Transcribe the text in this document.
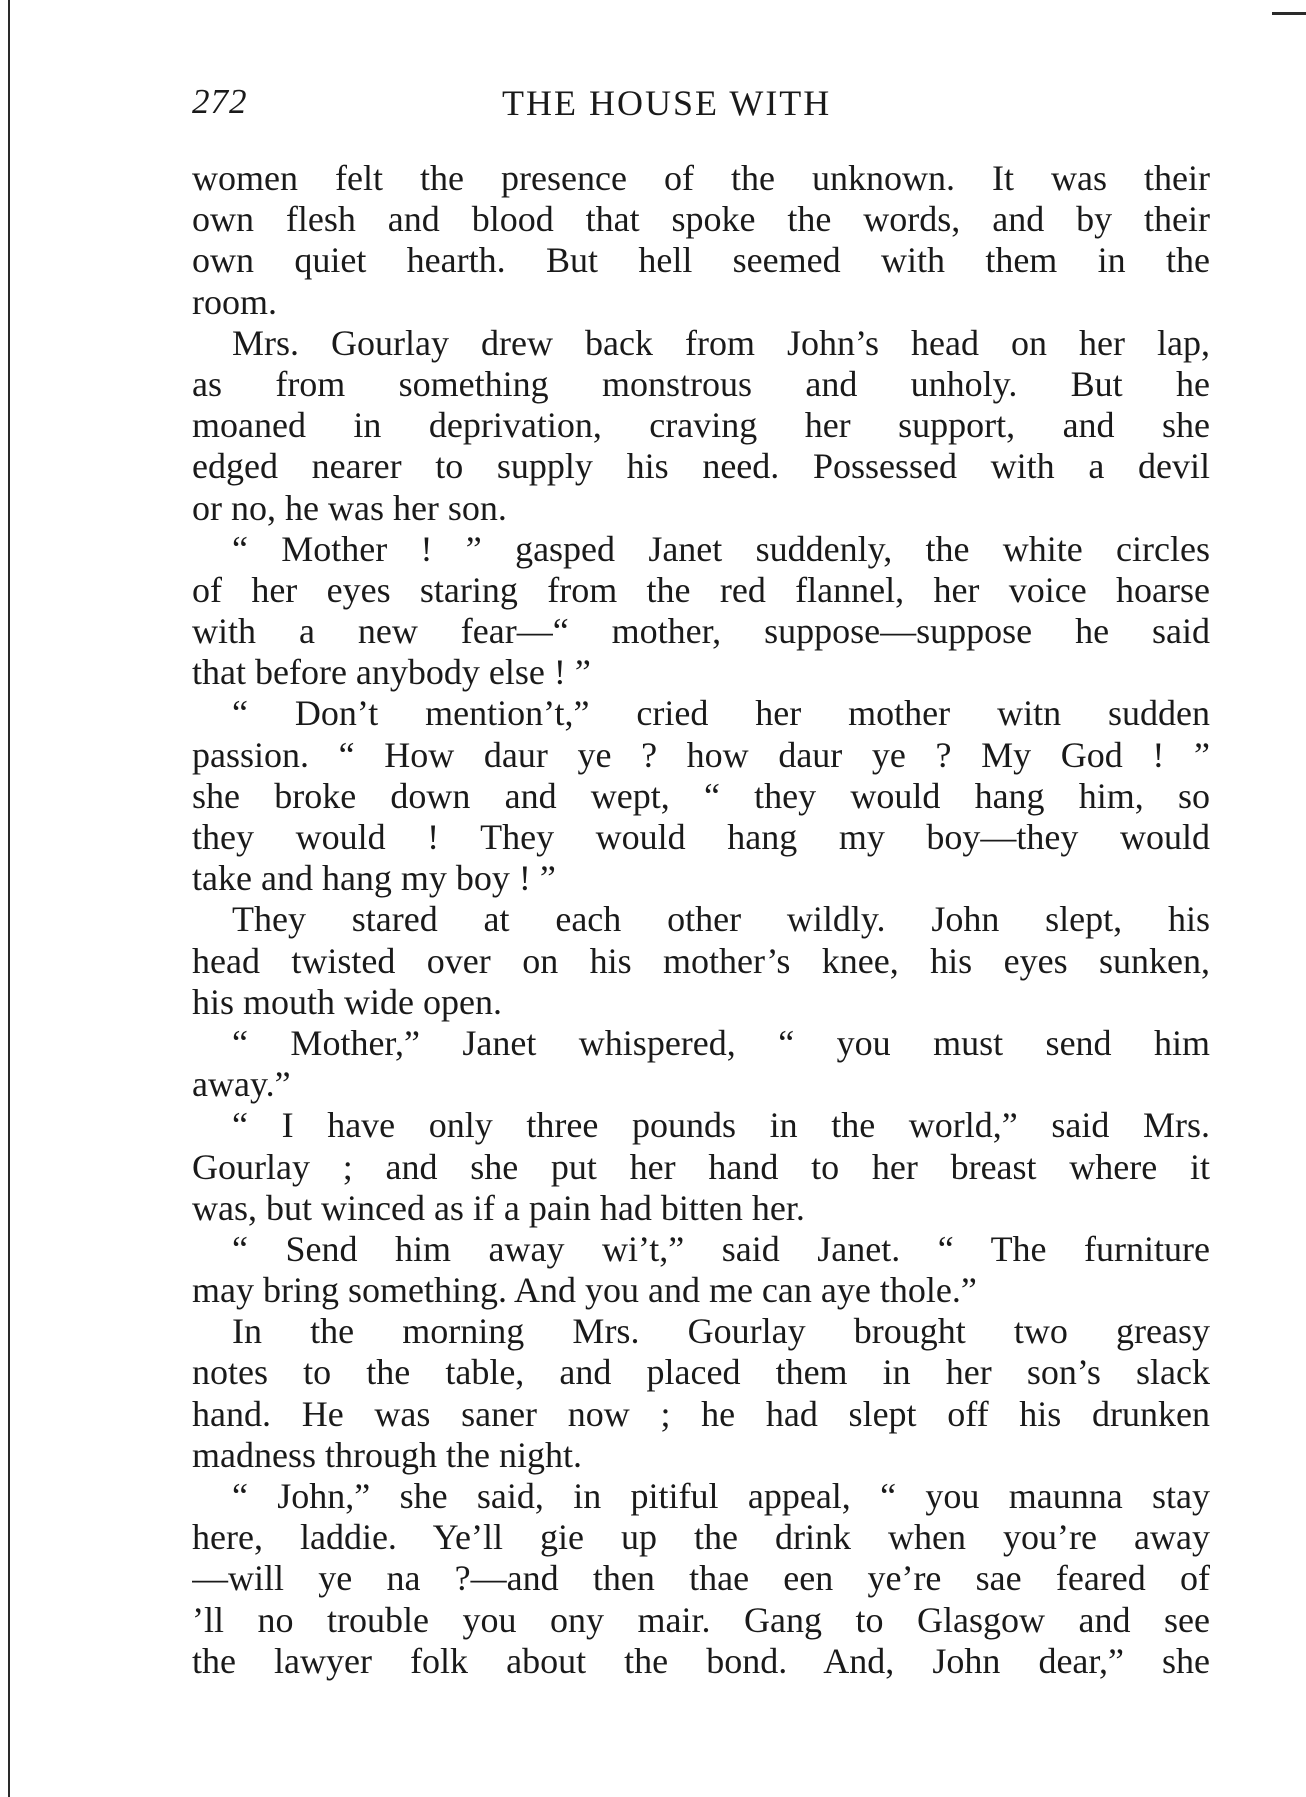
272	THE HOUSE WITH
women felt the presence of the unknown. It was their
own flesh and blood that spoke the words, and by their
own quiet hearth. But hell seemed with them in the
room.
Mrs. Gourlay drew back from John’s head on her lap,
as from something monstrous and unholy. But he
moaned in deprivation, craving her support, and she
edged nearer to supply his need. Possessed with a devil
or no, he was her son.
“ Mother ! ” gasped Janet suddenly, the white circles
of her eyes staring from the red flannel, her voice hoarse
with a new fear—“ mother, suppose—suppose he said
that before anybody else ! ”
“ Don’t mention’t,” cried her mother witn sudden
passion. “ How daur ye ? how daur ye ? My God ! ”
she broke down and wept, “ they would hang him, so
they would ! They would hang my boy—they would
take and hang my boy ! ”
They stared at each other wildly. John slept, his
head twisted over on his mother’s knee, his eyes sunken,
his mouth wide open.
“ Mother,” Janet whispered, “ you must send him
away.”
“ I have only three pounds in the world,” said Mrs.
Gourlay ; and she put her hand to her breast where it
was, but winced as if a pain had bitten her.
“ Send him away wi’t,” said Janet. “ The furniture
may bring something. And you and me can aye thole.”
In the morning Mrs. Gourlay brought two greasy
notes to the table, and placed them in her son’s slack
hand. He was saner now ; he had slept off his drunken
madness through the night.
“ John,” she said, in pitiful appeal, “ you maunna stay
here, laddie. Ye’ll gie up the drink when you’re away
—will ye na ?—and then thae een ye’re sae feared of
’ll no trouble you ony mair. Gang to Glasgow and see
the lawyer folk about the bond. And, John dear,” she
